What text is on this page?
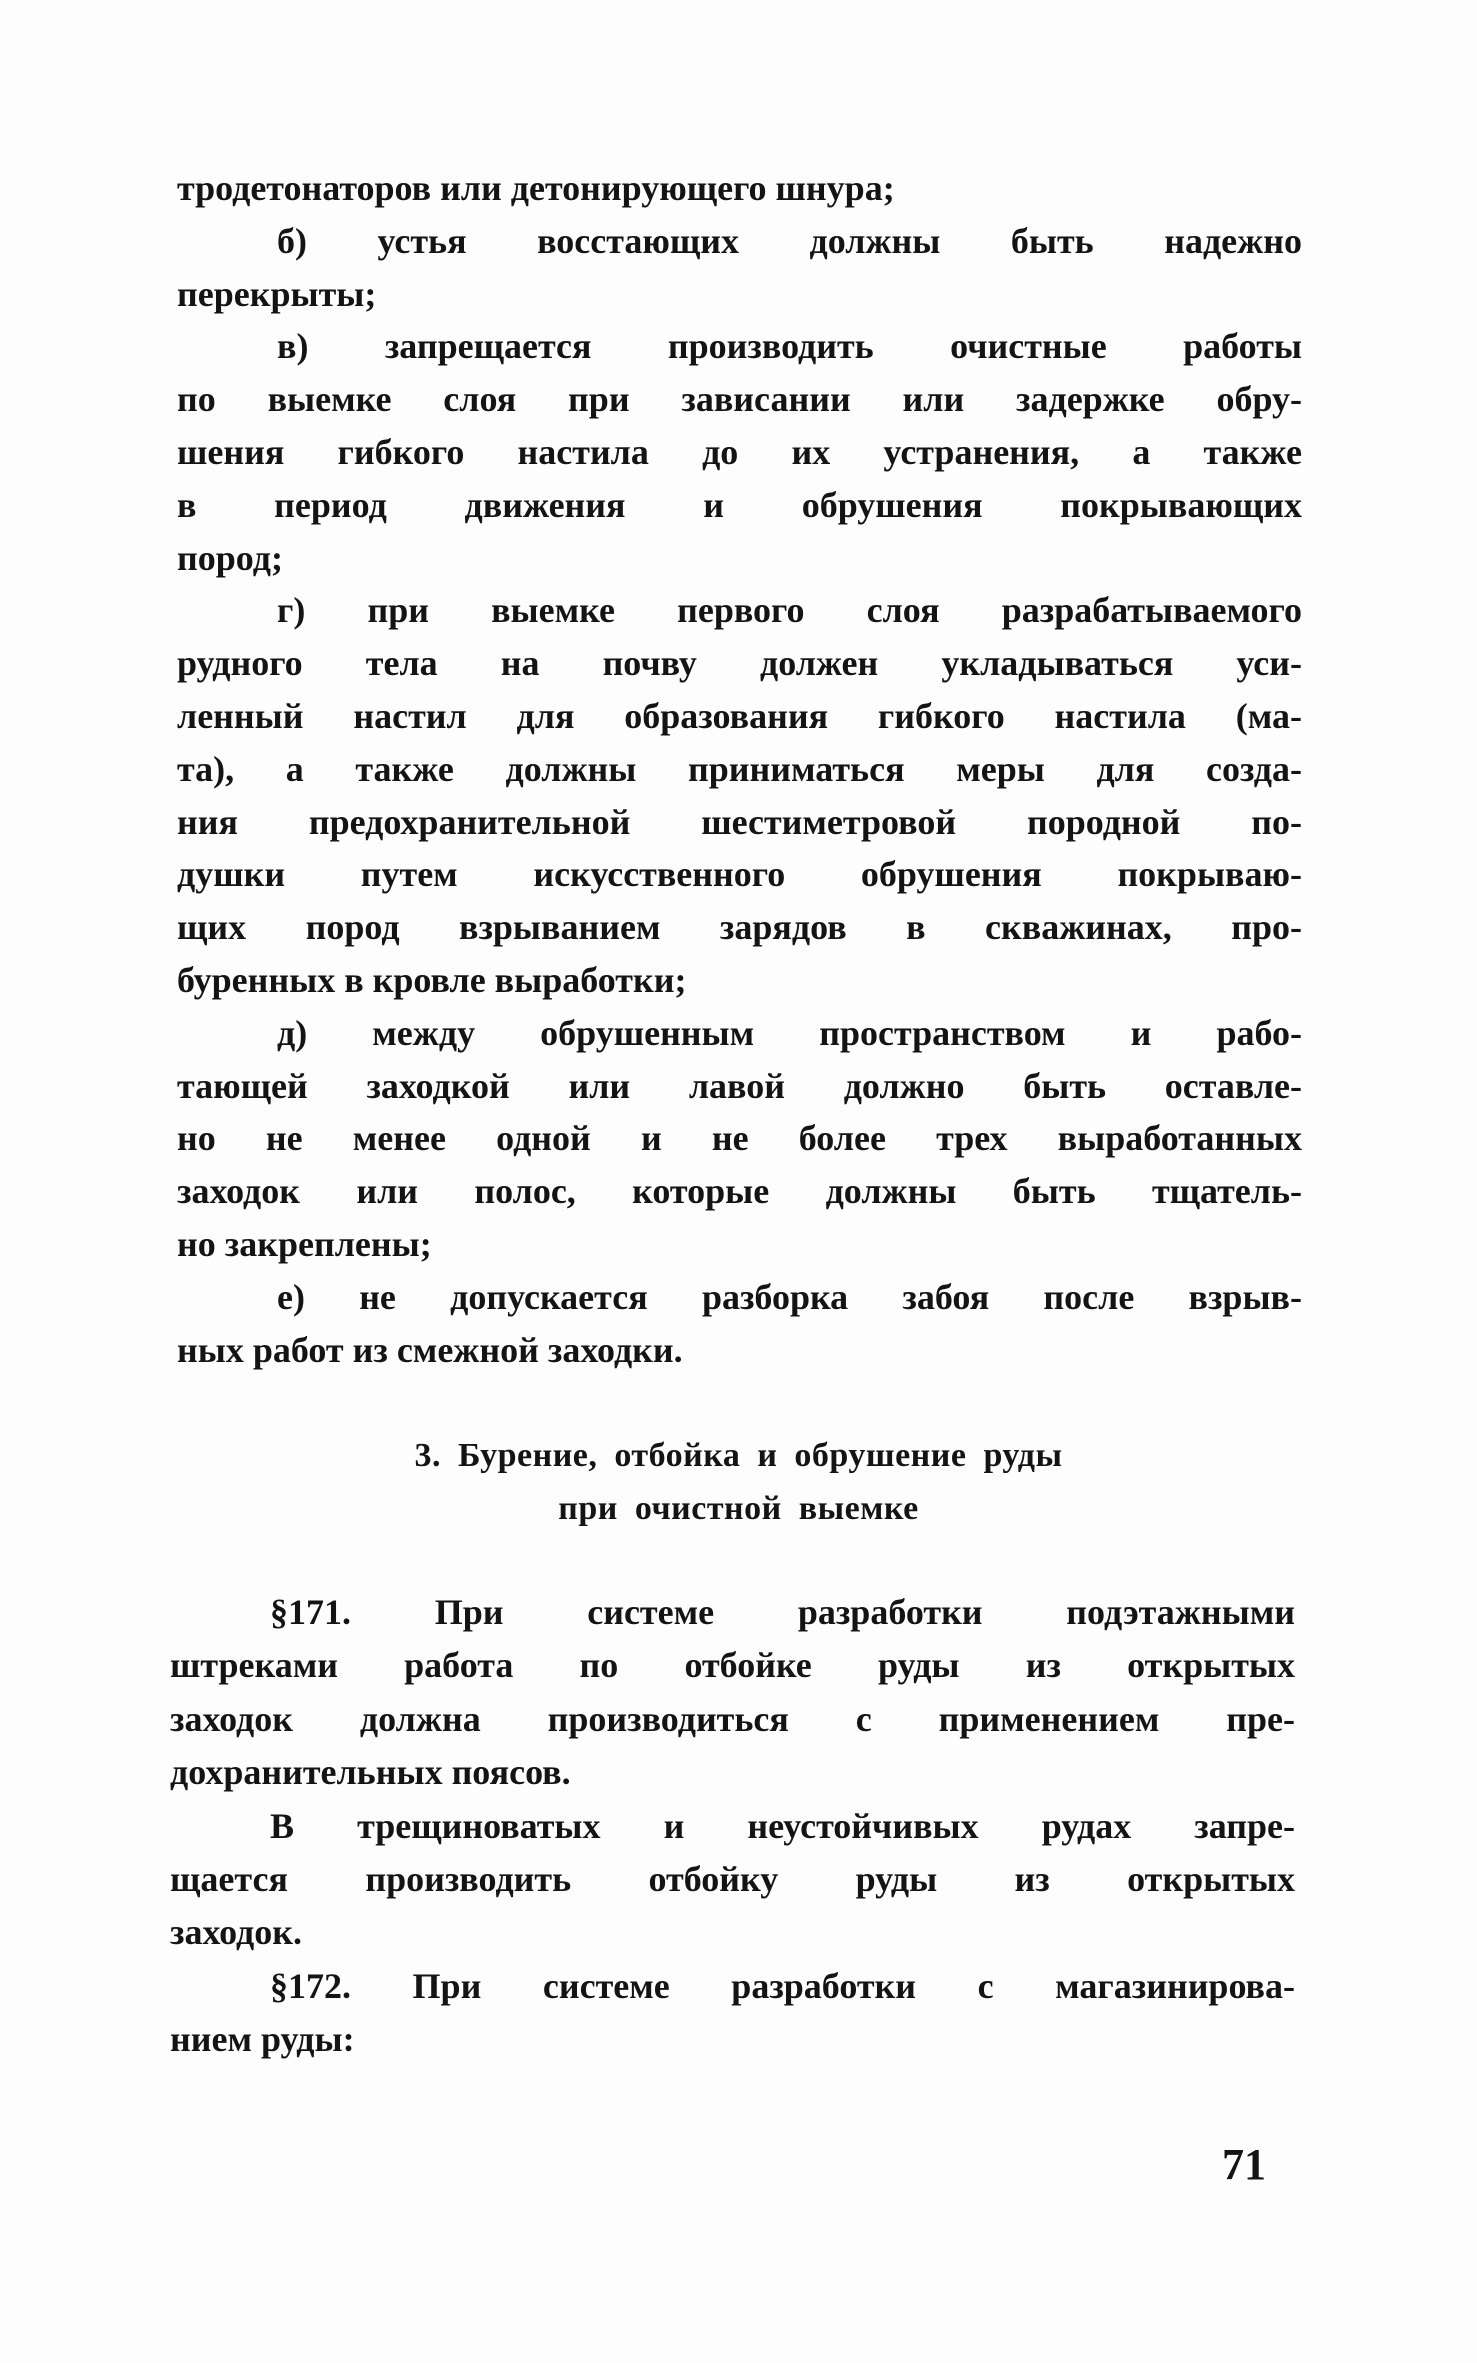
тродетонаторов или детонирующего шнура;
б) устья восстающих должны быть надежно
перекрыты;
в) запрещается производить очистные работы
по выемке слоя при зависании или задержке обру-
шения гибкого настила до их устранения, а также
в период движения и обрушения покрывающих
пород;
г) при выемке первого слоя разрабатываемого
рудного тела на почву должен укладываться уси-
ленный настил для образования гибкого настила (ма-
та), а также должны приниматься меры для созда-
ния предохранительной шестиметровой породной по-
душки путем искусственного обрушения покрываю-
щих пород взрыванием зарядов в скважинах, про-
буренных в кровле выработки;
д) между обрушенным пространством и рабо-
тающей заходкой или лавой должно быть оставле-
но не менее одной и не более трех выработанных
заходок или полос, которые должны быть тщатель-
но закреплены;
е) не допускается разборка забоя после взрыв-
ных работ из смежной заходки.
3. Бурение, отбойка и обрушение руды
при очистной выемке
§171. При системе разработки подэтажными
штреками работа по отбойке руды из открытых
заходок должна производиться с применением пре-
дохранительных поясов.
В трещиноватых и неустойчивых рудах запре-
щается производить отбойку руды из открытых
заходок.
§172. При системе разработки с магазинирова-
нием руды:
71
